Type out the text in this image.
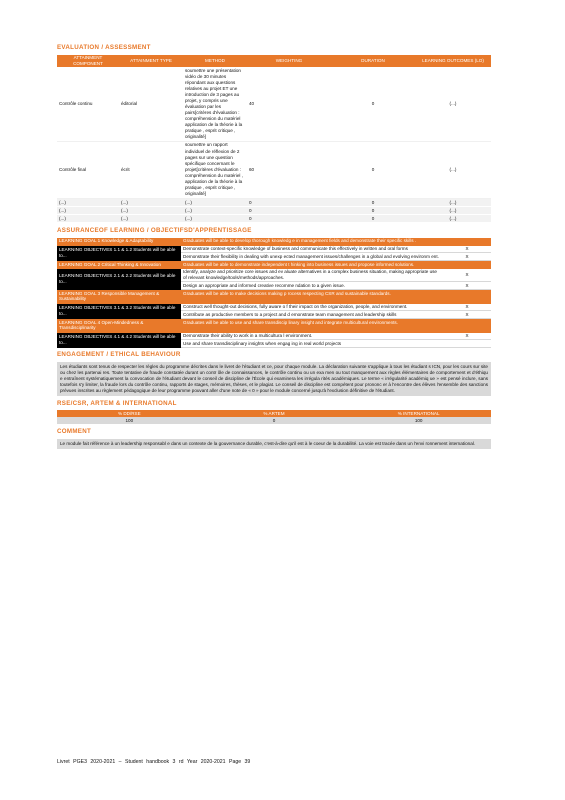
EVALUATION / ASSESSMENT
ATTAINMENT COMPONENT	ATTAINMENT TYPE	METHOD	WEIGHTING	DURATION	LEARNING OUTCOMES (LO)
Contrôle continu	éditorial	soumettre une présentation vidéo de 30 minutes répondant aux questions relatives au projet ET une introduction de 3 pages au projet, y compris une évaluation par les pairs[critères d'évaluation : compréhension du matériel application de la théorie à la pratique , esprit critique , originalité]	40	0	(...)
Contrôle final	écrit	soumettre un rapport individuel de réflexion de 2 pages sur une question spécifique concernant le projet[critères d'évaluation : compréhension du matériel , application de la théorie à la pratique , esprit critique , originalité]	60	0	(...)
(...)	(...)	(...)	0	0	(...)
(...)	(...)	(...)	0	0	(...)
(...)	(...)	(...)	0	0	(...)
ASSURANCEOF LEARNING / OBJECTIFSD'APPRENTISSAGE
LEARNING GOAL 1 Knowledge & Adaptability	Graduates will be able to develop thorough knowledg e in management fields and demonstrate their specific skills .	
LEARNING OBJECTIVES 1.1 & 1.2 Students will be able to...	Demonstrate context-specific knowledge of business and communicate this effectively in written and oral forms	X
	Demonstrate their flexibility in dealing with unexp ected management issues/challenges in a global and evolving environm ent.	X
LEARNING GOAL 2 Critical Thinking & Innovation	Graduates will be able to demonstrate independent t hinking into business issues and propose informed solutions.	
LEARNING OBJECTIVES 2.1 & 2.2 Students will be able to...	Identify, analyze and prioritize core issues and ev aluate alternatives in a complex business situation, making appropriate use of relevant knowledge/tools/methods/approaches.	X
	Design an appropriate and informed creative recomme ndation to a given issue.	X
LEARNING GOAL 3 Responsible Management & Sustainability	Graduates will be able to make decisions making p rocess respecting CSR and sustainable standards.	
LEARNING OBJECTIVES 3.1 & 3.2 Students will be able to...	Construct well thought-out decisions, fully aware o f their impact on the organization, people, and environment.	X
	Contribute as productive members to a project and d emonstrate team management and leadership skills	X
LEARNING GOAL 4 Open-Mindedness & Transdisciplinarity	Graduates will be able to use and share transdiscip linary insight and integrate multicultural environments.	
LEARNING OBJECTIVES 4.1 & 4.2 Students will be able to...	Demonstrate their ability to work in a multicultura l environment.	X
	Use and share transdisciplinary insights when engag ing in real world projects	
ENGAGEMENT / ETHICAL BEHAVIOUR
Les étudiants sont tenus de respecter les règles du programme décrites dans le livret de l'étudiant et ce, pour chaque module. La déclaration suivante s'applique à tous les étudiant s ICN, pour les cours sur site ou chez les partenai res. Toute tentative de fraude constatée durant un contr ôle de connaissances, le contrôle continu ou un exa men ou tout manquement aux règles élémentaires de comportement et d'éthiqu e entraînent systématiquement la convocation de l'étudiant devant le conseil de discipline de l'École qui examinera les irrégula rités académiques. Le terme « irrégularité académiq ue » est pensé inclure, sans toutefois s'y limiter, la fraude lors du contrôle continu, rapports de stages, mémoires, thèses, et le plagiat. Le conseil de discipline est compétent pour prononc er à l'encontre des élèves l'ensemble des sanctions prévues inscrites au règlement pédagogique de leur programme pouvant aller d'une note de « 0 » pour le module concerné jusqu'à l'exclusion définitive de l'étudiant.
RSE/CSR, ARTEM & INTERNATIONAL
% DD/RSE	% ARTEM	% INTERNATIONAL
100	0	100
COMMENT
Le module fait référence à un leadership responsabl e dans un contexte de la gouvernance durable, c'est-à-dire qu'il est à le coeur de la durabilité. La voie est tracée dans un l'envi ronnement international.
Livret PGE3 2020-2021 – Student handbook 3 rd Year 2020-2021 Page 39
